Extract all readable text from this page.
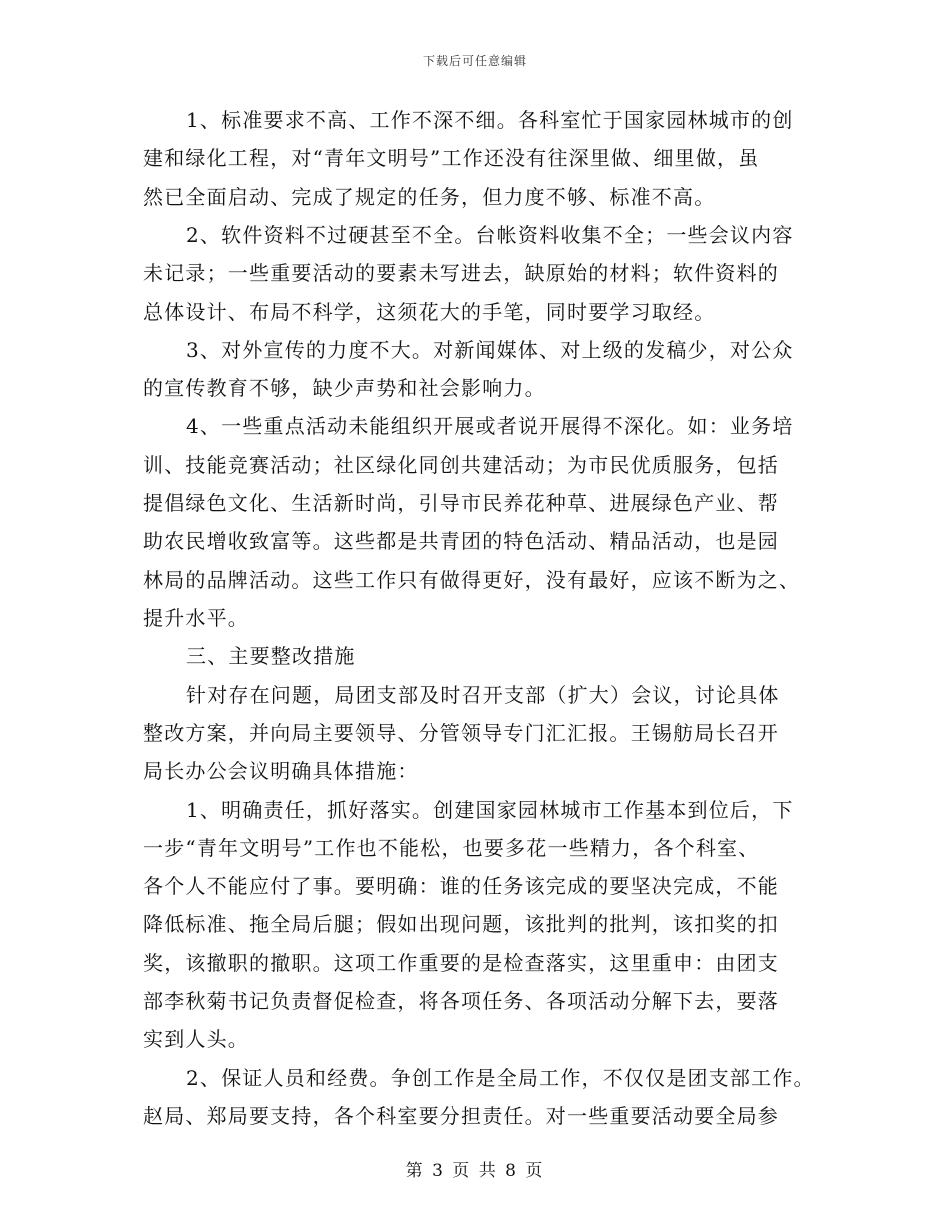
下载后可任意编辑
1、标准要求不高、工作不深不细。各科室忙于国家园林城市的创
建和绿化工程，对“青年文明号”工作还没有往深里做、细里做，虽
然已全面启动、完成了规定的任务，但力度不够、标准不高。
2、软件资料不过硬甚至不全。台帐资料收集不全；一些会议内容
未记录；一些重要活动的要素未写进去，缺原始的材料；软件资料的
总体设计、布局不科学，这须花大的手笔，同时要学习取经。
3、对外宣传的力度不大。对新闻媒体、对上级的发稿少，对公众
的宣传教育不够，缺少声势和社会影响力。
4、一些重点活动未能组织开展或者说开展得不深化。如：业务培
训、技能竞赛活动；社区绿化同创共建活动；为市民优质服务，包括
提倡绿色文化、生活新时尚，引导市民养花种草、进展绿色产业、帮
助农民增收致富等。这些都是共青团的特色活动、精品活动，也是园
林局的品牌活动。这些工作只有做得更好，没有最好，应该不断为之、
提升水平。
三、主要整改措施
针对存在问题，局团支部及时召开支部（扩大）会议，讨论具体
整改方案，并向局主要领导、分管领导专门汇汇报。王锡舫局长召开
局长办公会议明确具体措施：
1、明确责任，抓好落实。创建国家园林城市工作基本到位后，下
一步“青年文明号”工作也不能松，也要多花一些精力，各个科室、
各个人不能应付了事。要明确：谁的任务该完成的要坚决完成，不能
降低标准、拖全局后腿；假如出现问题，该批判的批判，该扣奖的扣
奖，该撤职的撤职。这项工作重要的是检查落实，这里重申：由团支
部李秋菊书记负责督促检查，将各项任务、各项活动分解下去，要落
实到人头。
2、保证人员和经费。争创工作是全局工作，不仅仅是团支部工作。
赵局、郑局要支持，各个科室要分担责任。对一些重要活动要全局参
第 3 页 共 8 页
